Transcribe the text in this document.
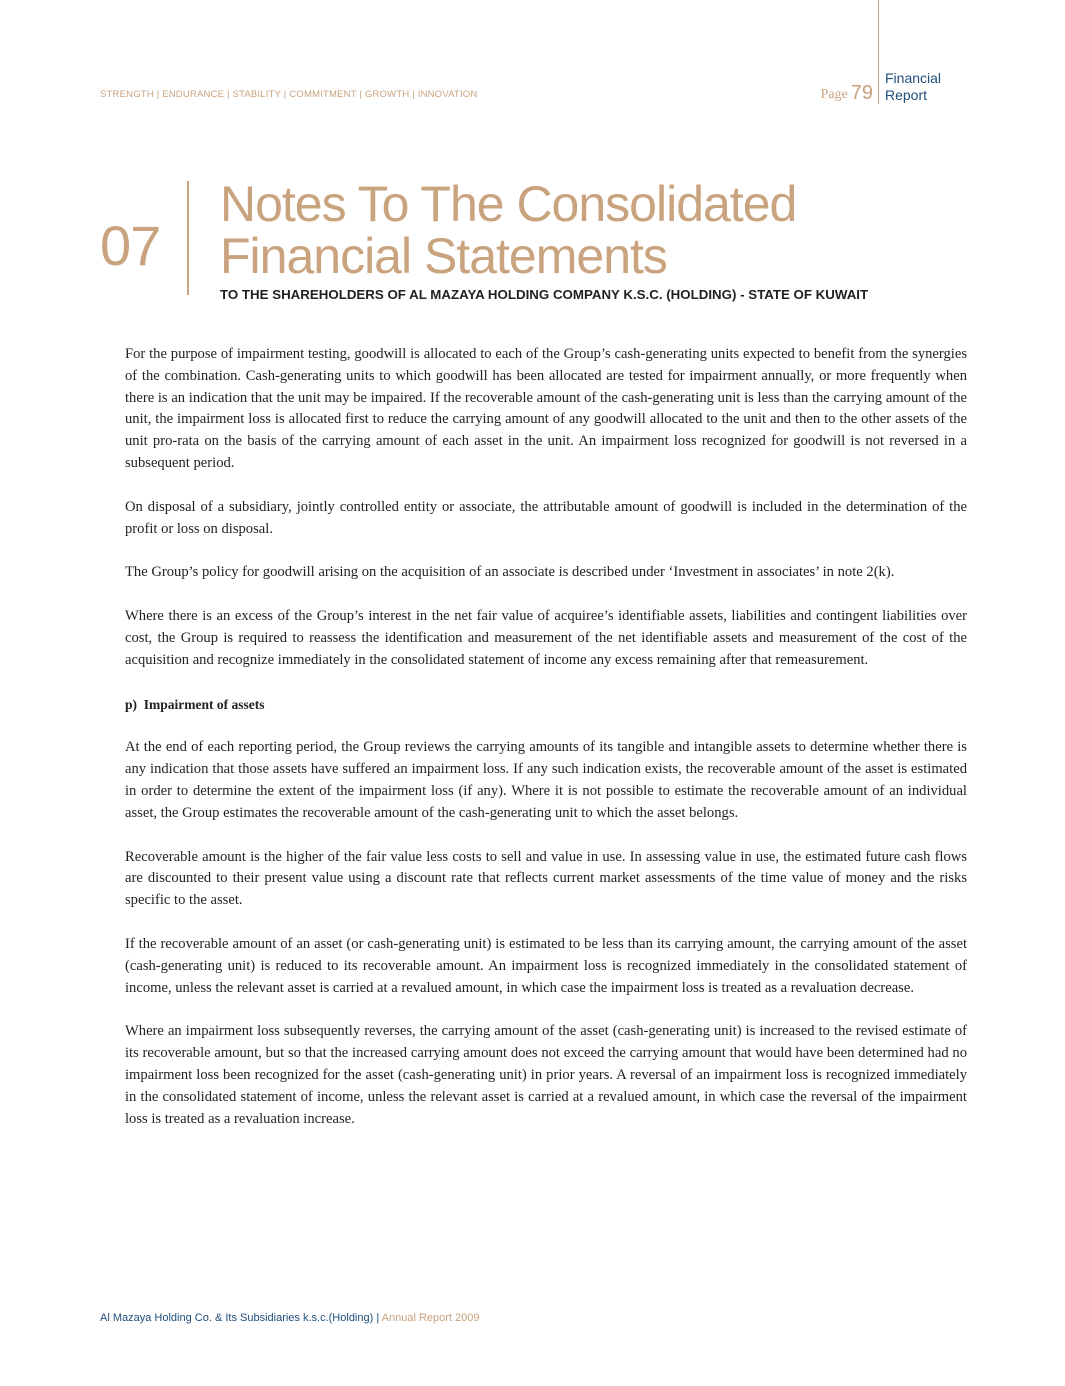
STRENGTH | ENDURANCE | STABILITY | COMMITMENT | GROWTH | INNOVATION	Page 79
Financial
Report
07
Notes To The Consolidated
Financial Statements
TO THE SHAREHOLDERS OF AL MAZAYA HOLDING COMPANY K.S.C. (HOLDING) - STATE OF KUWAIT

For the purpose of impairment testing, goodwill is allocated to each of the Group’s cash-generating units expected to benefit from the synergies of the combination. Cash-generating units to which goodwill has been allocated are tested for impairment annually, or more frequently when there is an indication that the unit may be impaired. If the recoverable amount of the cash-generating unit is less than the carrying amount of the unit, the impairment loss is allocated first to reduce the carrying amount of any goodwill allocated to the unit and then to the other assets of the unit pro-rata on the basis of the carrying amount of each asset in the unit. An impairment loss recognized for goodwill is not reversed in a subsequent period.

On disposal of a subsidiary, jointly controlled entity or associate, the attributable amount of goodwill is included in the determination of the profit or loss on disposal.

The Group’s policy for goodwill arising on the acquisition of an associate is described under ‘Investment in associates’ in note 2(k).

Where there is an excess of the Group’s interest in the net fair value of acquiree’s identifiable assets, liabilities and contingent liabilities over cost, the Group is required to reassess the identification and measurement of the net identifiable assets and measurement of the cost of the acquisition and recognize immediately in the consolidated statement of income any excess remaining after that remeasurement.

p)  Impairment of assets

At the end of each reporting period, the Group reviews the carrying amounts of its tangible and intangible assets to determine whether there is any indication that those assets have suffered an impairment loss. If any such indication exists, the recoverable amount of the asset is estimated in order to determine the extent of the impairment loss (if any). Where it is not possible to estimate the recoverable amount of an individual asset, the Group estimates the recoverable amount of the cash-generating unit to which the asset belongs.

Recoverable amount is the higher of the fair value less costs to sell and value in use. In assessing value in use, the estimated future cash flows are discounted to their present value using a discount rate that reflects current market assessments of the time value of money and the risks specific to the asset.

If the recoverable amount of an asset (or cash-generating unit) is estimated to be less than its carrying amount, the carrying amount of the asset (cash-generating unit) is reduced to its recoverable amount. An impairment loss is recognized immediately in the consolidated statement of income, unless the relevant asset is carried at a revalued amount, in which case the impairment loss is treated as a revaluation decrease.

Where an impairment loss subsequently reverses, the carrying amount of the asset (cash-generating unit) is increased to the revised estimate of its recoverable amount, but so that the increased carrying amount does not exceed the carrying amount that would have been determined had no impairment loss been recognized for the asset (cash-generating unit) in prior years. A reversal of an impairment loss is recognized immediately in the consolidated statement of income, unless the relevant asset is carried at a revalued amount, in which case the reversal of the impairment loss is treated as a revaluation increase.

Al Mazaya Holding Co. & Its Subsidiaries k.s.c.(Holding) | Annual Report 2009
